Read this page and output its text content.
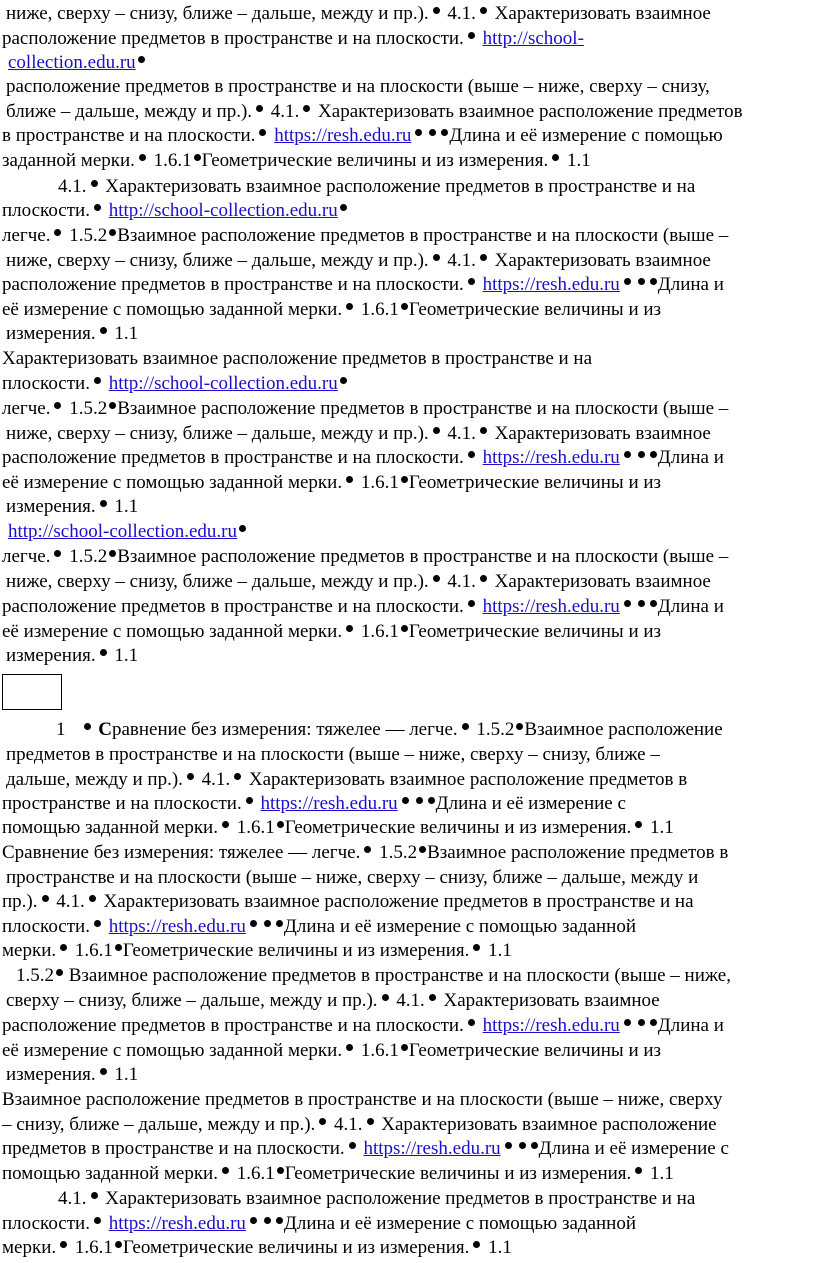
ниже, сверху – снизу, ближе – дальше, между и пр.). 4.1. Характеризовать взаимное
расположение предметов в пространстве и на плоскости. http://school-
collection.edu.ru
расположение предметов в пространстве и на плоскости (выше – ниже, сверху – снизу,
ближе – дальше, между и пр.). 4.1. Характеризовать взаимное расположение предметов
в пространстве и на плоскости. https://resh.edu.ru Длина и её измерение с помощью
заданной мерки. 1.6.1 Геометрические величины и из измерения. 1.1
4.1. Характеризовать взаимное расположение предметов в пространстве и на
плоскости. http://school-collection.edu.ru
легче. 1.5.2 Взаимное расположение предметов в пространстве и на плоскости (выше –
ниже, сверху – снизу, ближе – дальше, между и пр.). 4.1. Характеризовать взаимное
расположение предметов в пространстве и на плоскости. https://resh.edu.ru Длина и
её измерение с помощью заданной мерки. 1.6.1 Геометрические величины и из
измерения. 1.1
Характеризовать взаимное расположение предметов в пространстве и на
плоскости. http://school-collection.edu.ru
легче. 1.5.2 Взаимное расположение предметов в пространстве и на плоскости (выше –
ниже, сверху – снизу, ближе – дальше, между и пр.). 4.1. Характеризовать взаимное
расположение предметов в пространстве и на плоскости. https://resh.edu.ru Длина и
её измерение с помощью заданной мерки. 1.6.1 Геометрические величины и из
измерения. 1.1
http://school-collection.edu.ru
легче. 1.5.2 Взаимное расположение предметов в пространстве и на плоскости (выше –
ниже, сверху – снизу, ближе – дальше, между и пр.). 4.1. Характеризовать взаимное
расположение предметов в пространстве и на плоскости. https://resh.edu.ru Длина и
её измерение с помощью заданной мерки. 1.6.1 Геометрические величины и из
измерения. 1.1
1 Сравнение без измерения: тяжелее — легче. 1.5.2 Взаимное расположение
предметов в пространстве и на плоскости (выше – ниже, сверху – снизу, ближе –
дальше, между и пр.). 4.1. Характеризовать взаимное расположение предметов в
пространстве и на плоскости. https://resh.edu.ru Длина и её измерение с
помощью заданной мерки. 1.6.1 Геометрические величины и из измерения. 1.1
Сравнение без измерения: тяжелее — легче. 1.5.2 Взаимное расположение предметов в
пространстве и на плоскости (выше – ниже, сверху – снизу, ближе – дальше, между и
пр.). 4.1. Характеризовать взаимное расположение предметов в пространстве и на
плоскости. https://resh.edu.ru Длина и её измерение с помощью заданной
мерки. 1.6.1 Геометрические величины и из измерения. 1.1
1.5.2 Взаимное расположение предметов в пространстве и на плоскости (выше – ниже,
сверху – снизу, ближе – дальше, между и пр.). 4.1. Характеризовать взаимное
расположение предметов в пространстве и на плоскости. https://resh.edu.ru Длина и
её измерение с помощью заданной мерки. 1.6.1 Геометрические величины и из
измерения. 1.1
Взаимное расположение предметов в пространстве и на плоскости (выше – ниже, сверху
– снизу, ближе – дальше, между и пр.). 4.1. Характеризовать взаимное расположение
предметов в пространстве и на плоскости. https://resh.edu.ru Длина и её измерение с
помощью заданной мерки. 1.6.1 Геометрические величины и из измерения. 1.1
4.1. Характеризовать взаимное расположение предметов в пространстве и на
плоскости. https://resh.edu.ru Длина и её измерение с помощью заданной
мерки. 1.6.1 Геометрические величины и из измерения. 1.1
